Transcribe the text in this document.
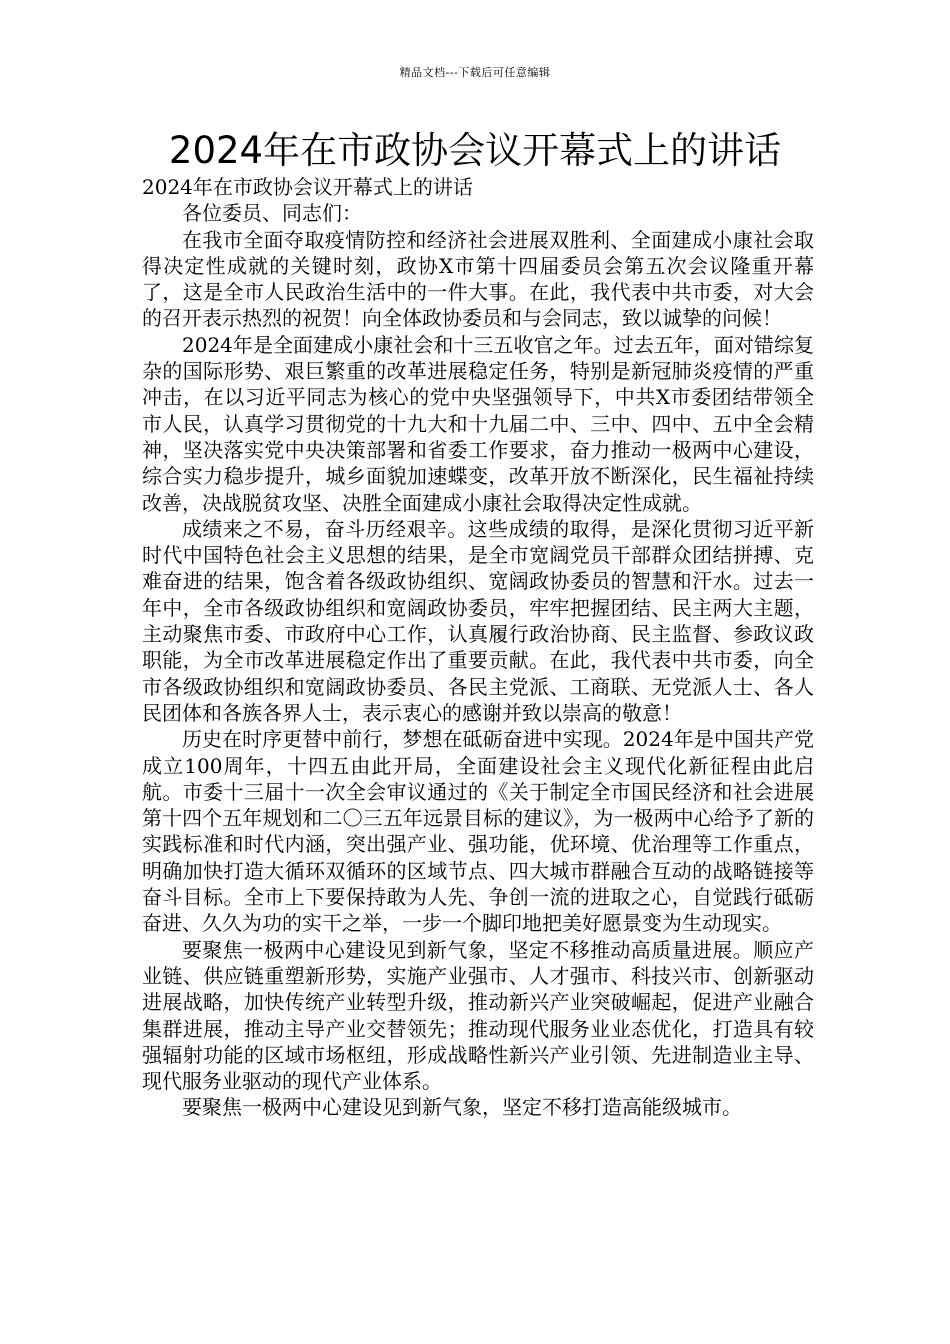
精品文档---下载后可任意编辑
2024年在市政协会议开幕式上的讲话

2024年在市政协会议开幕式上的讲话

各位委员、同志们：

在我市全面夺取疫情防控和经济社会进展双胜利、全面建成小康社会取得决定性成就的关键时刻，政协X市第十四届委员会第五次会议隆重开幕了，这是全市人民政治生活中的一件大事。在此，我代表中共市委，对大会的召开表示热烈的祝贺！向全体政协委员和与会同志，致以诚挚的问候！

2024年是全面建成小康社会和十三五收官之年。过去五年，面对错综复杂的国际形势、艰巨繁重的改革进展稳定任务，特别是新冠肺炎疫情的严重冲击，在以习近平同志为核心的党中央坚强领导下，中共X市委团结带领全市人民，认真学习贯彻党的十九大和十九届二中、三中、四中、五中全会精神，坚决落实党中央决策部署和省委工作要求，奋力推动一极两中心建设，综合实力稳步提升，城乡面貌加速蝶变，改革开放不断深化，民生福祉持续改善，决战脱贫攻坚、决胜全面建成小康社会取得决定性成就。

成绩来之不易，奋斗历经艰辛。这些成绩的取得，是深化贯彻习近平新时代中国特色社会主义思想的结果，是全市宽阔党员干部群众团结拼搏、克难奋进的结果，饱含着各级政协组织、宽阔政协委员的智慧和汗水。过去一年中，全市各级政协组织和宽阔政协委员，牢牢把握团结、民主两大主题，主动聚焦市委、市政府中心工作，认真履行政治协商、民主监督、参政议政职能，为全市改革进展稳定作出了重要贡献。在此，我代表中共市委，向全市各级政协组织和宽阔政协委员、各民主党派、工商联、无党派人士、各人民团体和各族各界人士，表示衷心的感谢并致以崇高的敬意！

历史在时序更替中前行，梦想在砥砺奋进中实现。2024年是中国共产党成立100周年，十四五由此开局，全面建设社会主义现代化新征程由此启航。市委十三届十一次全会审议通过的《关于制定全市国民经济和社会进展第十四个五年规划和二〇三五年远景目标的建议》，为一极两中心给予了新的实践标准和时代内涵，突出强产业、强功能，优环境、优治理等工作重点，明确加快打造大循环双循环的区域节点、四大城市群融合互动的战略链接等奋斗目标。全市上下要保持敢为人先、争创一流的进取之心，自觉践行砥砺奋进、久久为功的实干之举，一步一个脚印地把美好愿景变为生动现实。

要聚焦一极两中心建设见到新气象，坚定不移推动高质量进展。顺应产业链、供应链重塑新形势，实施产业强市、人才强市、科技兴市、创新驱动进展战略，加快传统产业转型升级，推动新兴产业突破崛起，促进产业融合集群进展，推动主导产业交替领先；推动现代服务业业态优化，打造具有较强辐射功能的区域市场枢纽，形成战略性新兴产业引领、先进制造业主导、现代服务业驱动的现代产业体系。

要聚焦一极两中心建设见到新气象，坚定不移打造高能级城市。
